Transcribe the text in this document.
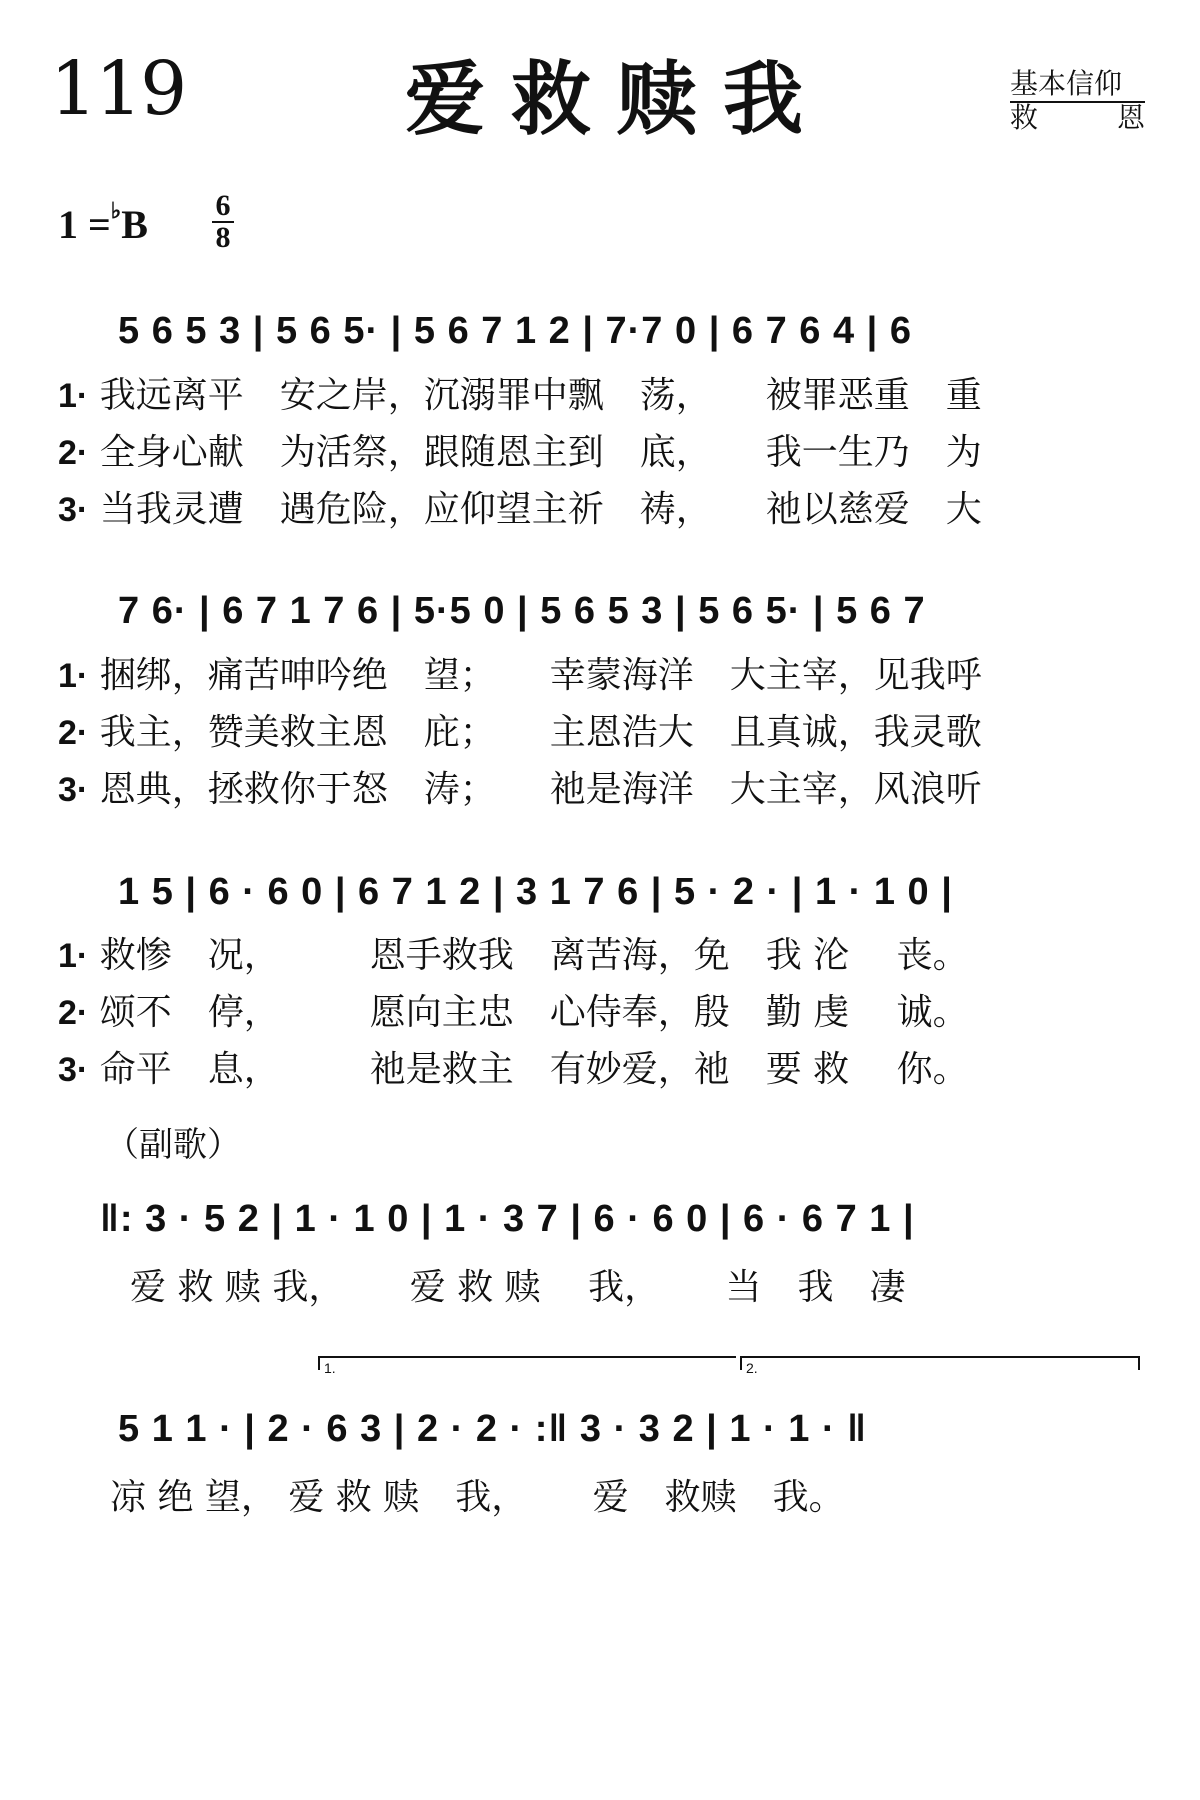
119	爱救赎我	基本信仰
救	恩
1 =♭B 6
8
5 6 5 3 | 5 6 5· | 5 6 7 1 2 | 7·7 0 | 6 7 6 4 | 6
1· 我远离平　安之岸，沉溺罪中飘　荡，　　被罪恶重　重
2· 全身心献　为活祭，跟随恩主到　底，　　我一生乃　为
3· 当我灵遭　遇危险，应仰望主祈　祷，　　祂以慈爱　大
7 6· | 6 7 1 7 6 | 5·5 0 | 5 6 5 3 | 5 6 5· | 5 6 7
1· 捆绑，痛苦呻吟绝　望；　　幸蒙海洋　大主宰，见我呼
2· 我主，赞美救主恩　庇；　　主恩浩大　且真诚，我灵歌
3· 恩典，拯救你于怒　涛；　　祂是海洋　大主宰，风浪听
1 5 | 6 · 6 0 | 6 7 1 2 | 3 1 7 6 | 5 · 2 · | 1 · 1 0 |
1· 救惨　况，　　　恩手救我　离苦海，免　我 沦　 丧。
2· 颂不　停，　　　愿向主忠　心侍奉，殷　勤 虔　 诚。
3· 命平　息，　　　祂是救主　有妙爱，祂　要 救　 你。
（副歌）
‖: 3 · 5 2 | 1 · 1 0 | 1 · 3 7 | 6 · 6 0 | 6 · 6 7 1 |
爱 救 赎 我，　　 爱 救 赎　 我，　　 当　我　凄
1.	2.
5 1 1 · | 2 · 6 3 | 2 · 2 · :‖ 3 · 3 2 | 1 · 1 · ‖
凉 绝 望， 爱 救 赎　我，　　 爱　救赎　我。
